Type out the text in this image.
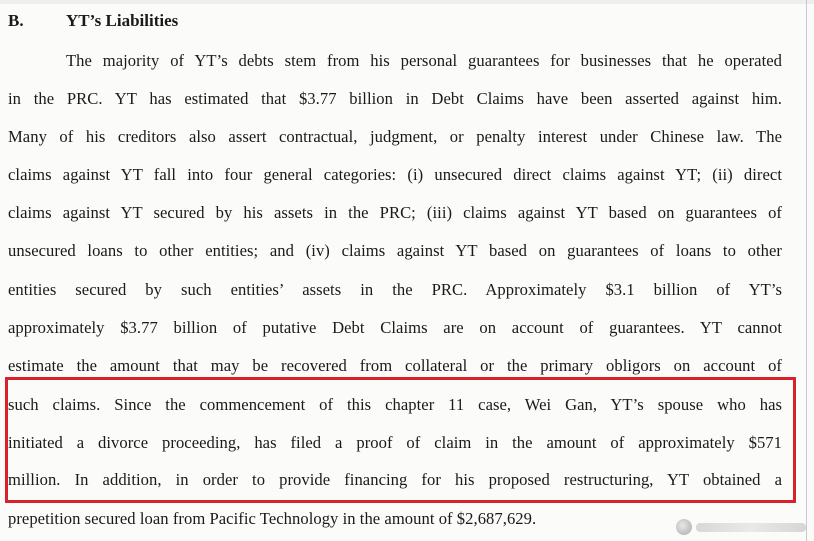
B. YT’s Liabilities
The majority of YT’s debts stem from his personal guarantees for businesses that he operated
in the PRC. YT has estimated that $3.77 billion in Debt Claims have been asserted against him.
Many of his creditors also assert contractual, judgment, or penalty interest under Chinese law. The
claims against YT fall into four general categories: (i) unsecured direct claims against YT; (ii) direct
claims against YT secured by his assets in the PRC; (iii) claims against YT based on guarantees of
unsecured loans to other entities; and (iv) claims against YT based on guarantees of loans to other
entities secured by such entities’ assets in the PRC. Approximately $3.1 billion of YT’s
approximately $3.77 billion of putative Debt Claims are on account of guarantees. YT cannot
estimate the amount that may be recovered from collateral or the primary obligors on account of
such claims. Since the commencement of this chapter 11 case, Wei Gan, YT’s spouse who has
initiated a divorce proceeding, has filed a proof of claim in the amount of approximately $571
million. In addition, in order to provide financing for his proposed restructuring, YT obtained a
prepetition secured loan from Pacific Technology in the amount of $2,687,629.
